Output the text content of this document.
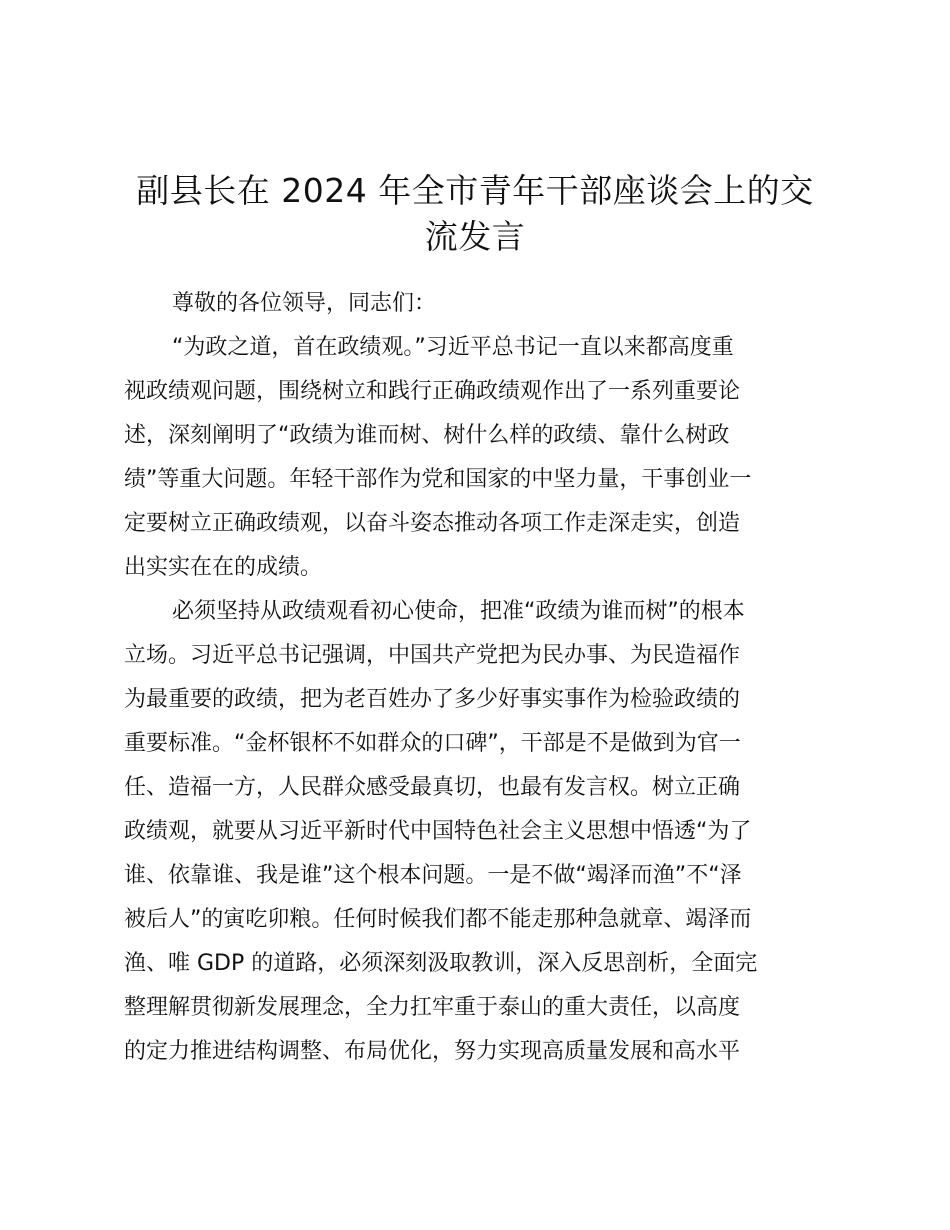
副县长在 2024 年全市青年干部座谈会上的交
流发言
尊敬的各位领导，同志们：
“为政之道，首在政绩观。”习近平总书记一直以来都高度重
视政绩观问题，围绕树立和践行正确政绩观作出了一系列重要论
述，深刻阐明了“政绩为谁而树、树什么样的政绩、靠什么树政
绩”等重大问题。年轻干部作为党和国家的中坚力量，干事创业一
定要树立正确政绩观，以奋斗姿态推动各项工作走深走实，创造
出实实在在的成绩。
必须坚持从政绩观看初心使命，把准“政绩为谁而树”的根本
立场。习近平总书记强调，中国共产党把为民办事、为民造福作
为最重要的政绩，把为老百姓办了多少好事实事作为检验政绩的
重要标准。“金杯银杯不如群众的口碑”，干部是不是做到为官一
任、造福一方，人民群众感受最真切，也最有发言权。树立正确
政绩观，就要从习近平新时代中国特色社会主义思想中悟透“为了
谁、依靠谁、我是谁”这个根本问题。一是不做“竭泽而渔”不“泽
被后人”的寅吃卯粮。任何时候我们都不能走那种急就章、竭泽而
渔、唯 GDP 的道路，必须深刻汲取教训，深入反思剖析，全面完
整理解贯彻新发展理念，全力扛牢重于泰山的重大责任，以高度
的定力推进结构调整、布局优化，努力实现高质量发展和高水平
